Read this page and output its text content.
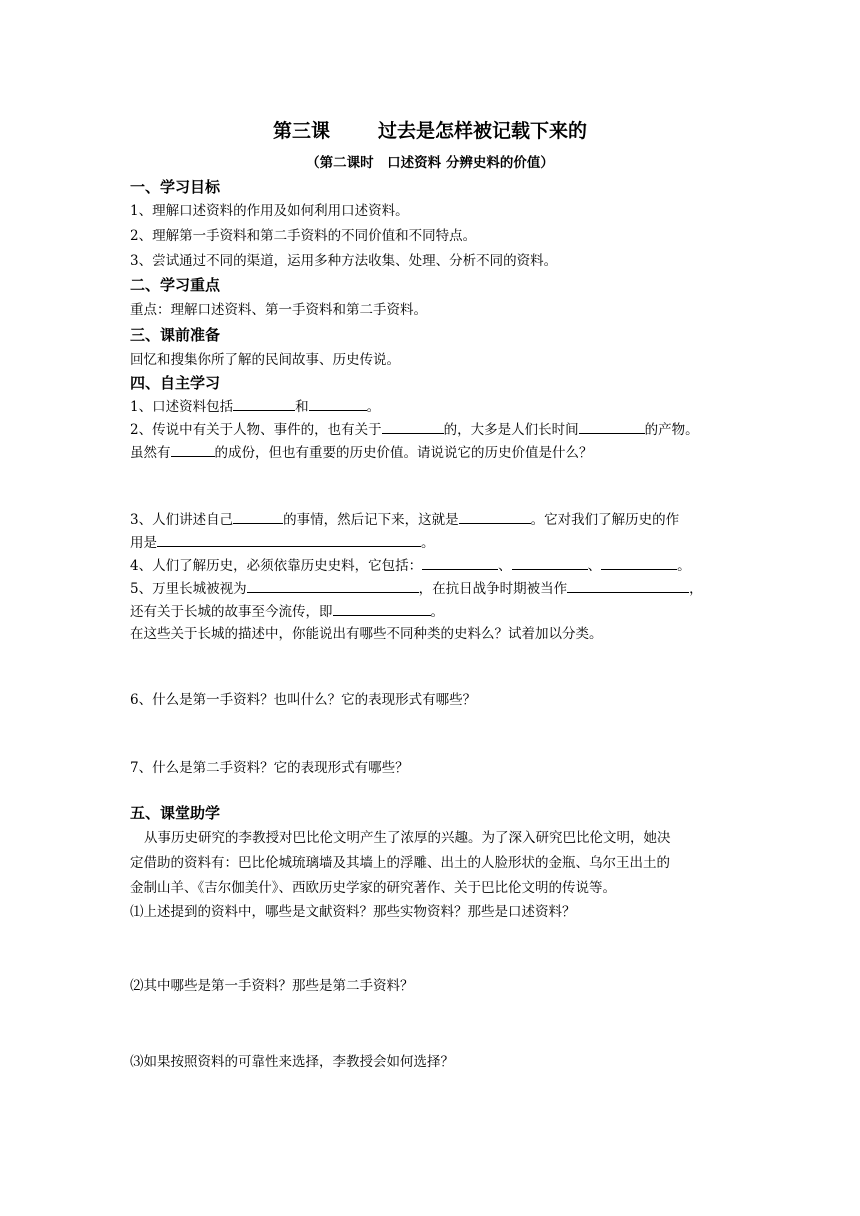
第三课	过去是怎样被记载下来的
（第二课时　口述资料 分辨史料的价值）
一、学习目标
1、理解口述资料的作用及如何利用口述资料。
2、理解第一手资料和第二手资料的不同价值和不同特点。
3、尝试通过不同的渠道，运用多种方法收集、处理、分析不同的资料。
二、学习重点
重点：理解口述资料、第一手资料和第二手资料。
三、课前准备
回忆和搜集你所了解的民间故事、历史传说。
四、自主学习
1、口述资料包括	和	。
2、传说中有关于人物、事件的，也有关于	的，大多是人们长时间	的产物。
虽然有	的成份，但也有重要的历史价值。请说说它的历史价值是什么？
3、人们讲述自己	的事情，然后记下来，这就是	。它对我们了解历史的作
用是	。
4、人们了解历史，必须依靠历史史料，它包括：	、	、	。
5、万里长城被视为	，在抗日战争时期被当作	，
还有关于长城的故事至今流传，即	。
在这些关于长城的描述中，你能说出有哪些不同种类的史料么？试着加以分类。
6、什么是第一手资料？也叫什么？它的表现形式有哪些？
7、什么是第二手资料？它的表现形式有哪些？
五、课堂助学
从事历史研究的李教授对巴比伦文明产生了浓厚的兴趣。为了深入研究巴比伦文明，她决
定借助的资料有：巴比伦城琉璃墙及其墙上的浮雕、出土的人脸形状的金瓶、乌尔王出土的
金制山羊、《吉尔伽美什》、西欧历史学家的研究著作、关于巴比伦文明的传说等。
⑴上述提到的资料中，哪些是文献资料？那些实物资料？那些是口述资料？
⑵其中哪些是第一手资料？那些是第二手资料？
⑶如果按照资料的可靠性来选择，李教授会如何选择？
